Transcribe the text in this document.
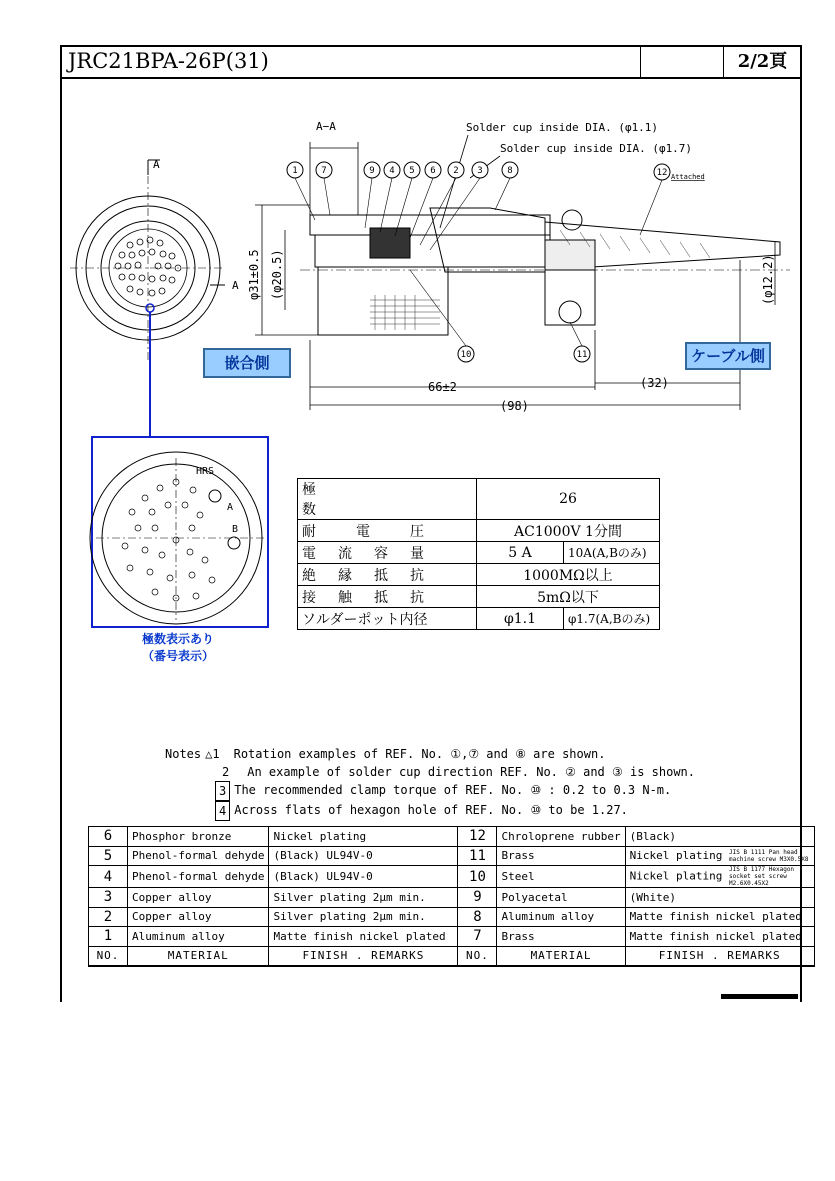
JRC21BPA-26P(31)	2/2頁
A
A
A−A	Solder cup inside DIA. (φ1.1)
Solder cup inside DIA. (φ1.7)
1	7	9 4 5 6 2 3	8	12
10	11
Attached
φ31±0.5 (φ20.5)	(φ12.2)
66±2	(32)
(98)
HRS
A
B
嵌合側	ケーブル側
極数表示あり
（番号表示）
極数	26	
耐電圧	AC1000V 1分間	
電流容量	5 A	10A(A,Bのみ)
絶縁抵抗	1000MΩ以上	
接触抵抗	5mΩ以下	
ソルダーポット内径	φ1.1	φ1.7(A,Bのみ)
Notes △1 Rotation examples of REF. No. ①,⑦ and ⑧ are shown.
2 An example of solder cup direction REF. No. ② and ③ is shown.
3 The recommended clamp torque of REF. No. ⑩ : 0.2 to 0.3 N-m.
4 Across flats of hexagon hole of REF. No. ⑩ to be 1.27.
6	Phosphor bronze	Nickel plating	12	Chroloprene rubber	(Black)
5	Phenol-formal dehyde	(Black) UL94V-0	11	Brass	Nickel plating JIS B 1111 Pan head machine screw M3X0.5X8
4	Phenol-formal dehyde	(Black) UL94V-0	10	Steel	Nickel plating JIS B 1177 Hexagon socket set screw M2.6X0.45X2
3	Copper alloy	Silver plating 2μm min.	9	Polyacetal	(White)
2	Copper alloy	Silver plating 2μm min.	8	Aluminum alloy	Matte finish nickel plated
1	Aluminum alloy	Matte finish nickel plated	7	Brass	Matte finish nickel plated
NO.	MATERIAL	FINISH . REMARKS	NO.	MATERIAL	FINISH . REMARKS
